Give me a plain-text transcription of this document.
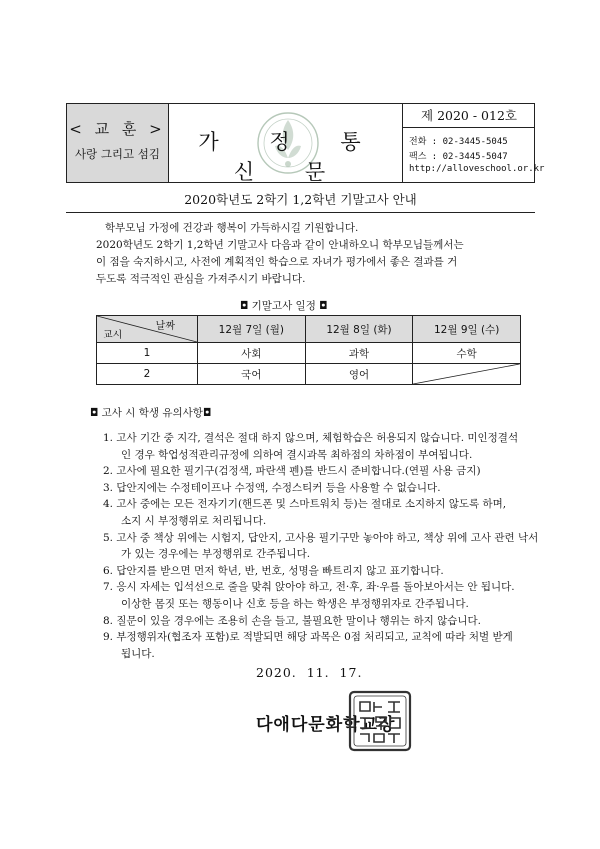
< 교 훈 >
사랑 그리고 섬김	가 정 통 신 문
제 2020 - 012호
전화 : 02-3445-5045
팩스 : 02-3445-5047
http://alloveschool.or.kr
2020학년도 2학기 1,2학년 기말고사 안내
학부모님 가정에 건강과 행복이 가득하시길 기원합니다.
2020학년도 2학기 1,2학년 기말고사 다음과 같이 안내하오니 학부모님들께서는
이 점을 숙지하시고, 사전에 계획적인 학습으로 자녀가 평가에서 좋은 결과를 거
두도록 적극적인 관심을 가져주시기 바랍니다.
◘ 기말고사 일정 ◘
날짜
교시	12월 7일 (월)	12월 8일 (화)	12월 9일 (수)
1	사회	과학	수학
2	국어	영어	
◘ 고사 시 학생 유의사항◘
1. 고사 기간 중 지각, 결석은 절대 하지 않으며, 체험학습은 허용되지 않습니다. 미인정결석
인 경우 학업성적관리규정에 의하여 결시과목 최하점의 차하점이 부여됩니다.
2. 고사에 필요한 필기구(검정색, 파란색 펜)를 반드시 준비합니다.(연필 사용 금지)
3. 답안지에는 수정테이프나 수정액, 수정스티커 등을 사용할 수 없습니다.
4. 고사 중에는 모든 전자기기(핸드폰 및 스마트워치 등)는 절대로 소지하지 않도록 하며,
소지 시 부정행위로 처리됩니다.
5. 고사 중 책상 위에는 시험지, 답안지, 고사용 필기구만 놓아야 하고, 책상 위에 고사 관련 낙서
가 있는 경우에는 부정행위로 간주됩니다.
6. 답안지를 받으면 먼저 학년, 반, 번호, 성명을 빠트리지 않고 표기합니다.
7. 응시 자세는 입석선으로 줄을 맞춰 앉아야 하고, 전·후, 좌·우를 돌아보아서는 안 됩니다.
이상한 몸짓 또는 행동이나 신호 등을 하는 학생은 부정행위자로 간주됩니다.
8. 질문이 있을 경우에는 조용히 손을 들고, 불필요한 말이나 행위는 하지 않습니다.
9. 부정행위자(협조자 포함)로 적발되면 해당 과목은 0점 처리되고, 교칙에 따라 처벌 받게
됩니다.
2020.  11.  17.
다애다문화학교장
